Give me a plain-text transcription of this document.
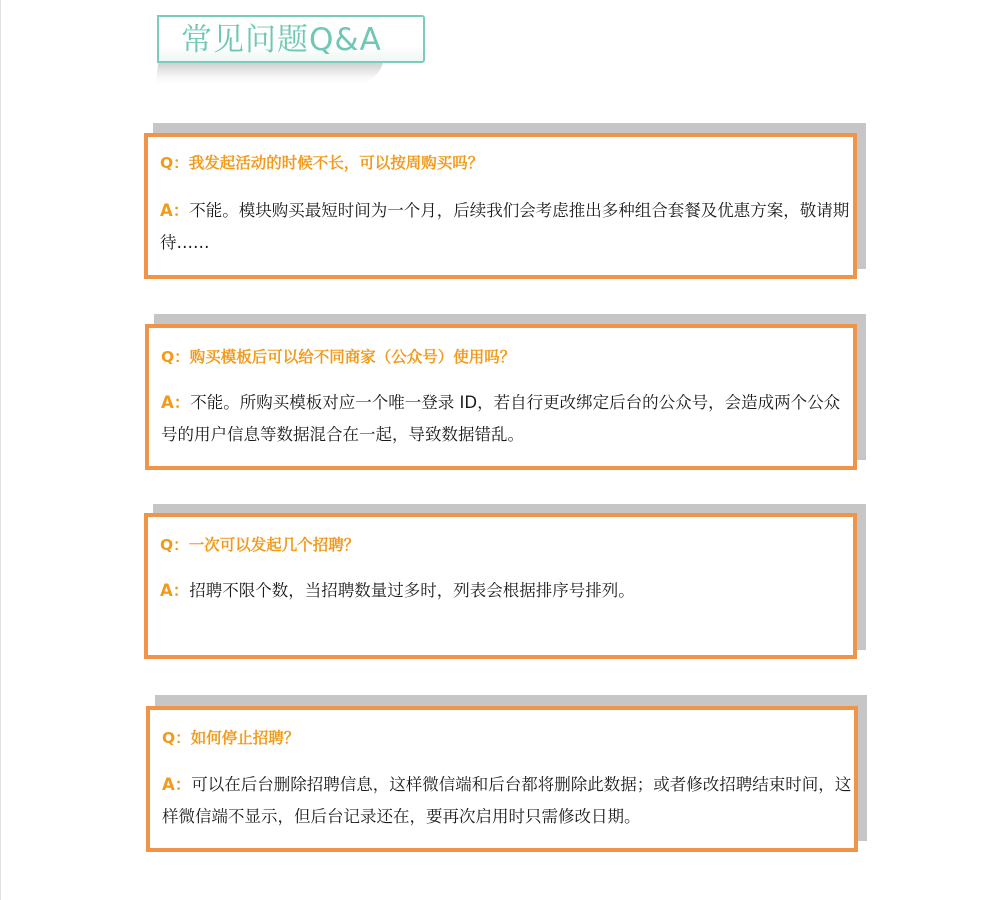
常见问题Q&A
Q：我发起活动的时候不长，可以按周购买吗？
A：不能。模块购买最短时间为一个月，后续我们会考虑推出多种组合套餐及优惠方案，敬请期待……
Q：购买模板后可以给不同商家（公众号）使用吗？
A：不能。所购买模板对应一个唯一登录 ID，若自行更改绑定后台的公众号，会造成两个公众号的用户信息等数据混合在一起，导致数据错乱。
Q：一次可以发起几个招聘？
A：招聘不限个数，当招聘数量过多时，列表会根据排序号排列。
Q：如何停止招聘？
A：可以在后台删除招聘信息，这样微信端和后台都将删除此数据；或者修改招聘结束时间，这样微信端不显示，但后台记录还在，要再次启用时只需修改日期。
